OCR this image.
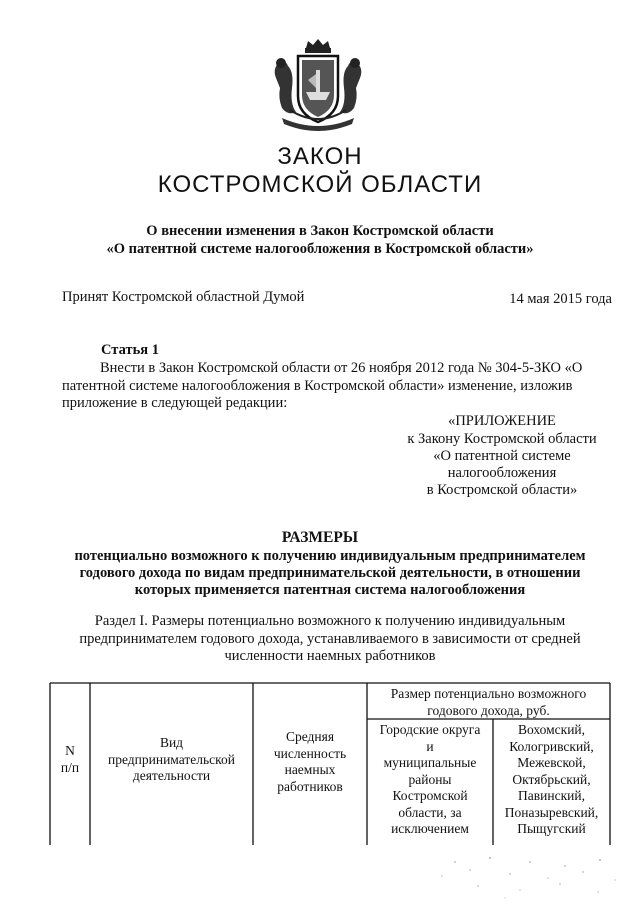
ЗАКОН
КОСТРОМСКОЙ ОБЛАСТИ
О внесении изменения в Закон Костромской области
«О патентной системе налогообложения в Костромской области»
Принят Костромской областной Думой	14 мая 2015 года
Статья 1
Внести в Закон Костромской области от 26 ноября 2012 года № 304-5-ЗКО «О
патентной системе налогообложения в Костромской области» изменение, изложив
приложение в следующей редакции:
«ПРИЛОЖЕНИЕ
к Закону Костромской области
«О патентной системе
налогообложения
в Костромской области»
РАЗМЕРЫ
потенциально возможного к получению индивидуальным предпринимателем
годового дохода по видам предпринимательской деятельности, в отношении
которых применяется патентная система налогообложения
Раздел I. Размеры потенциально возможного к получению индивидуальным
предпринимателем годового дохода, устанавливаемого в зависимости от средней
численности наемных работников
N
п/п
Вид
предпринимательской
деятельности
Средняя
численность
наемных
работников
Размер потенциально возможного
годового дохода, руб.
Городские округа
и
муниципальные
районы
Костромской
области, за
исключением
Вохомский,
Кологривский,
Межевской,
Октябрьский,
Павинский,
Поназыревский,
Пыщугский
